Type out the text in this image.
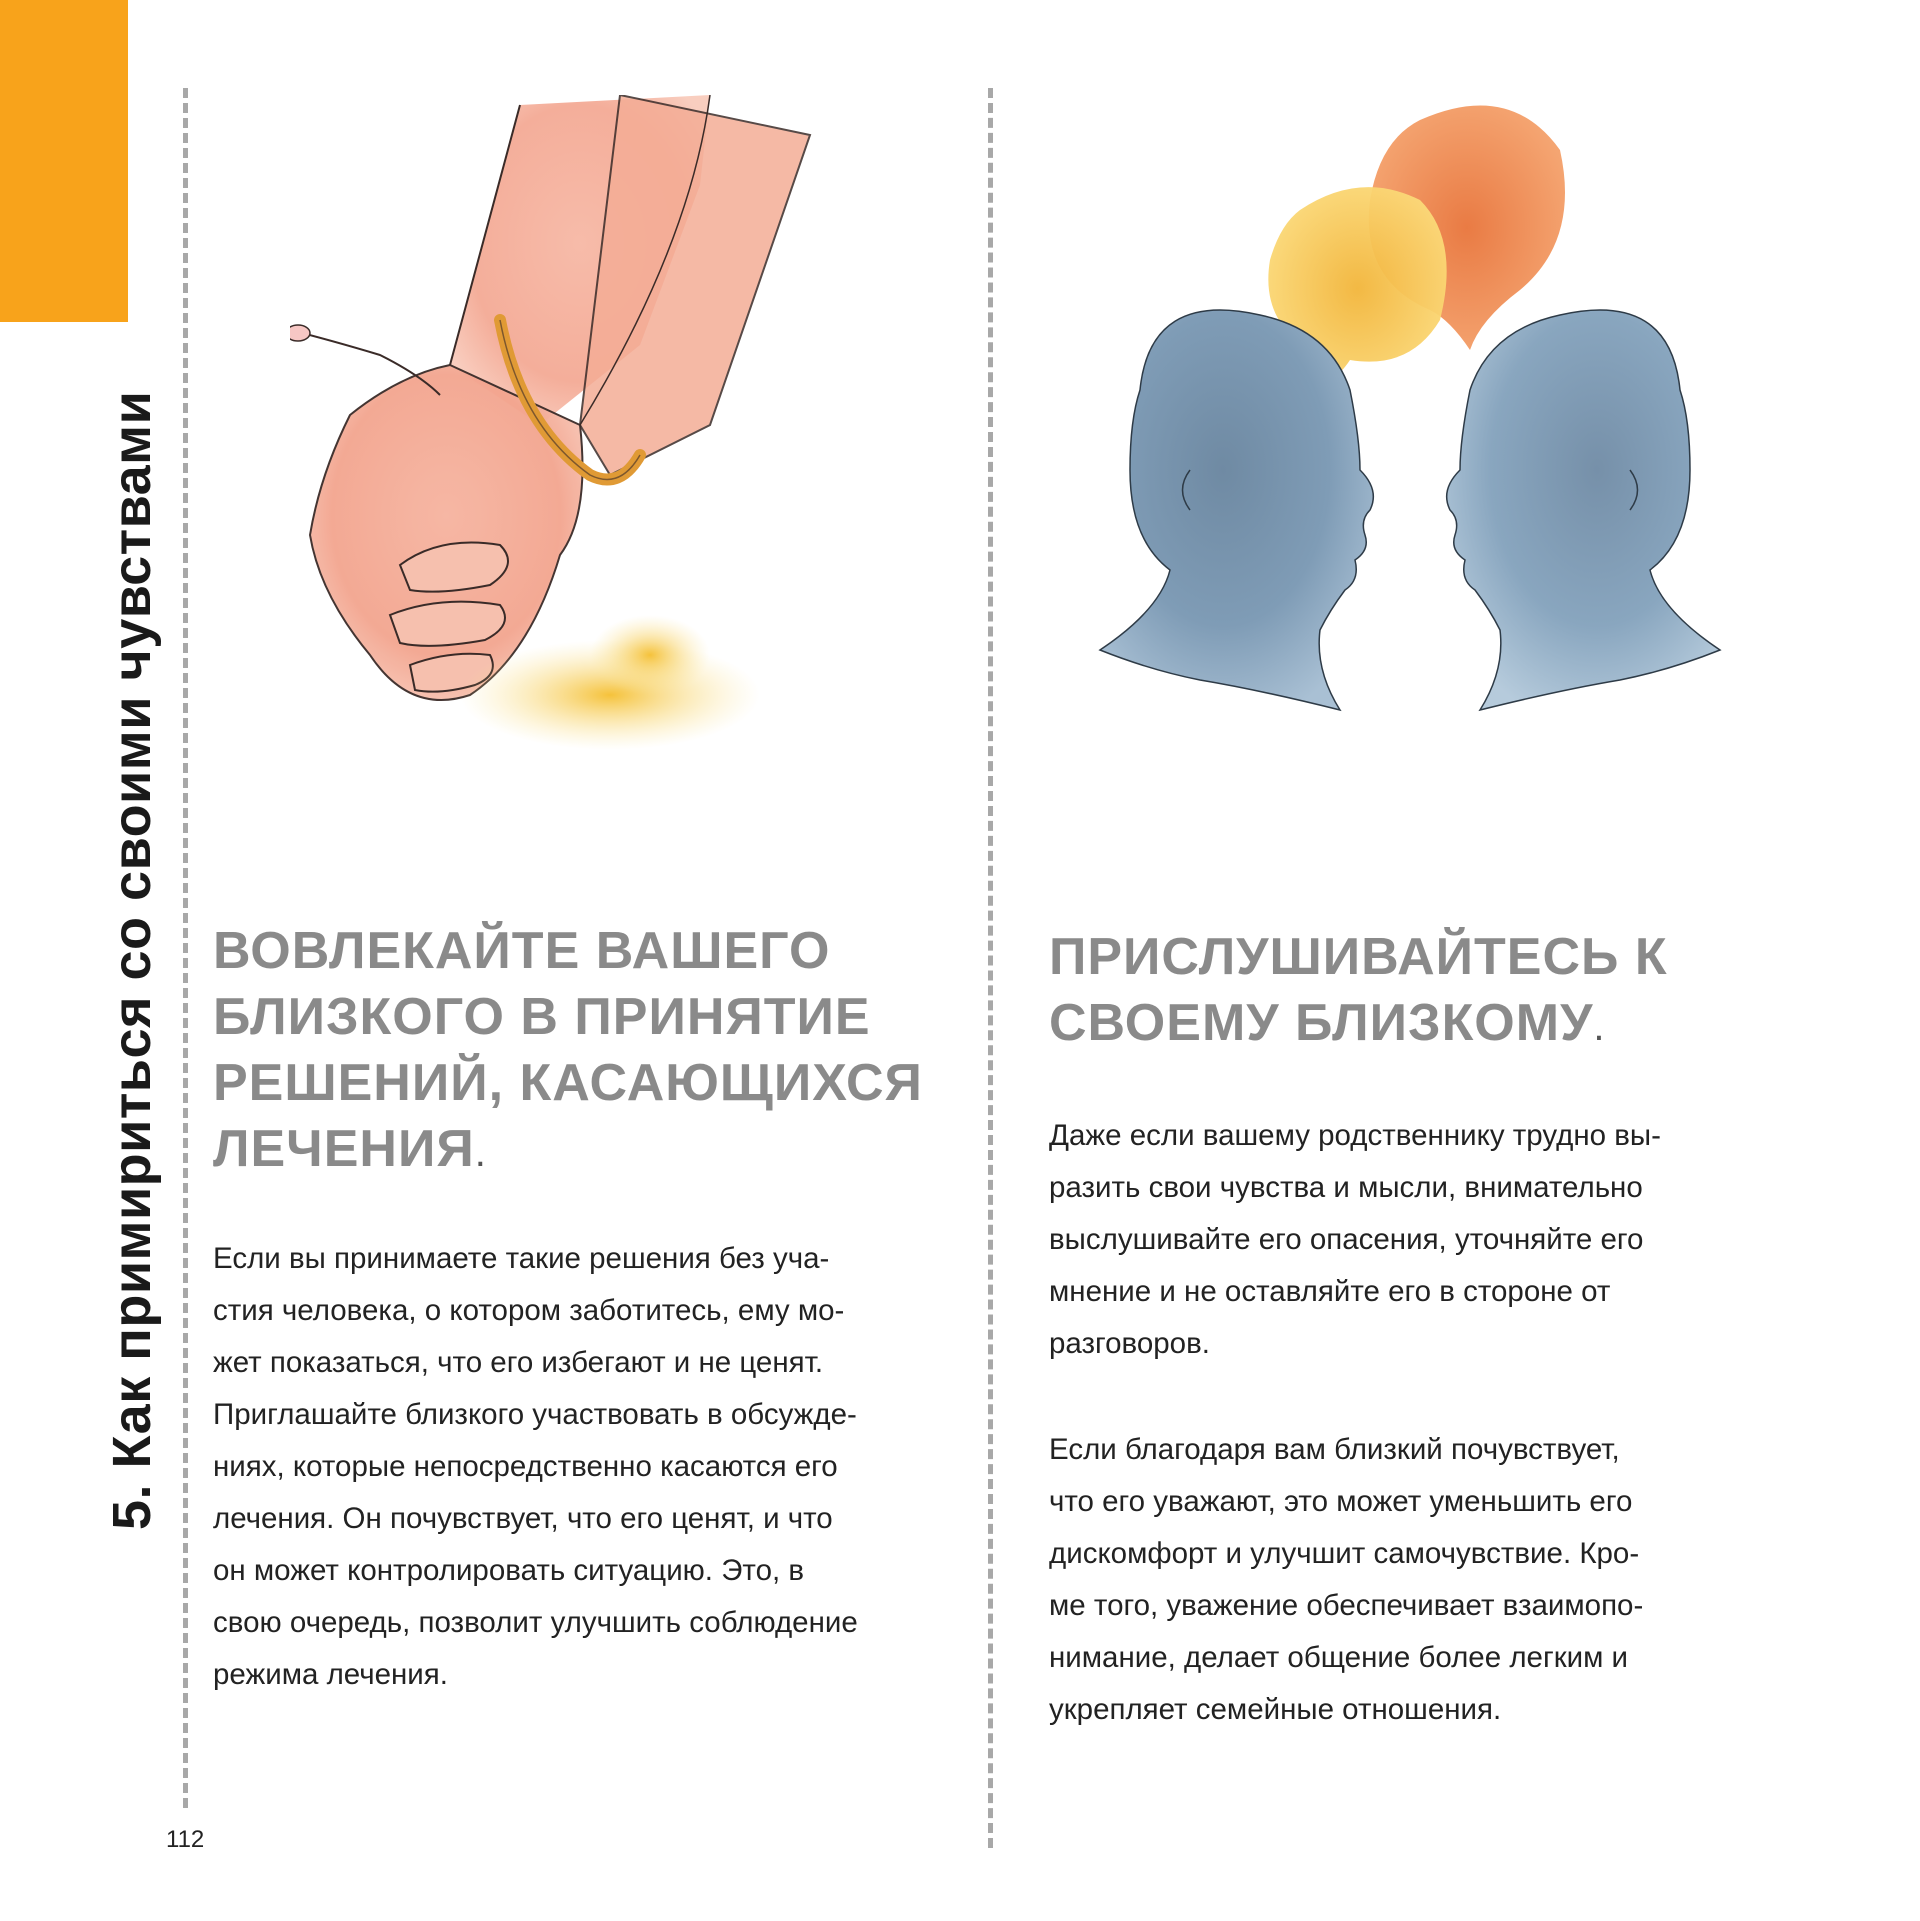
5. Как примириться со своими чувствами ВОВЛЕКАЙТЕ ВАШЕГО БЛИЗКОГО В ПРИНЯТИЕ РЕШЕНИЙ, КАСАЮЩИХСЯ ЛЕЧЕНИЯ.

Если вы принимаете такие решения без уча-
стия человека, о котором заботитесь, ему мо-
жет показаться, что его избегают и не ценят.
Приглашайте близкого участвовать в обсужде-
ниях, которые непосредственно касаются его
лечения. Он почувствует, что его ценят, и что
он может контролировать ситуацию. Это, в
свою очередь, позволит улучшить соблюдение
режима лечения.

ПРИСЛУШИВАЙТЕСЬ К СВОЕМУ БЛИЗКОМУ.

Даже если вашему родственнику трудно вы-
разить свои чувства и мысли, внимательно
выслушивайте его опасения, уточняйте его
мнение и не оставляйте его в стороне от
разговоров.

Если благодаря вам близкий почувствует,
что его уважают, это может уменьшить его
дискомфорт и улучшит самочувствие. Кро-
ме того, уважение обеспечивает взаимопо-
нимание, делает общение более легким и
укрепляет семейные отношения.

112
